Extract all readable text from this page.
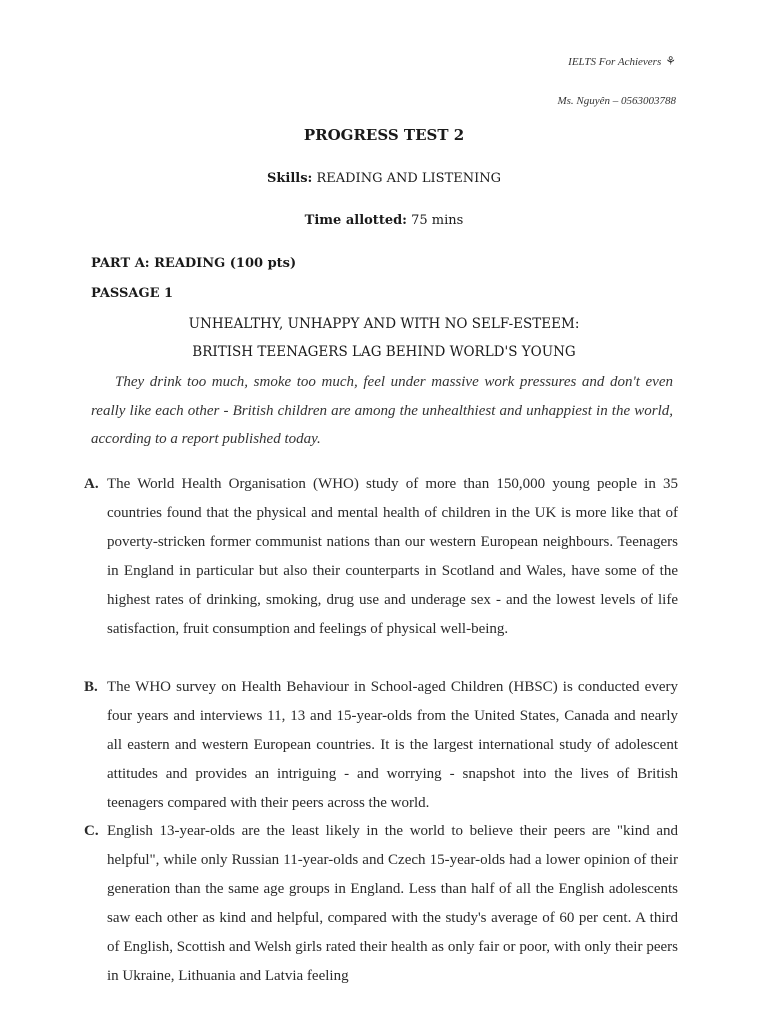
IELTS For Achievers ⚘
Ms. Nguyên – 0563003788
PROGRESS TEST 2
Skills: READING AND LISTENING
Time allotted: 75 mins
PART A: READING (100 pts)
PASSAGE 1
UNHEALTHY, UNHAPPY AND WITH NO SELF-ESTEEM:
BRITISH TEENAGERS LAG BEHIND WORLD'S YOUNG
They drink too much, smoke too much, feel under massive work pressures and don't even really like each other - British children are among the unhealthiest and unhappiest in the world, according to a report published today.
A. The World Health Organisation (WHO) study of more than 150,000 young people in 35 countries found that the physical and mental health of children in the UK is more like that of poverty-stricken former communist nations than our western European neighbours. Teenagers in England in particular but also their counterparts in Scotland and Wales, have some of the highest rates of drinking, smoking, drug use and underage sex - and the lowest levels of life satisfaction, fruit consumption and feelings of physical well-being.
B. The WHO survey on Health Behaviour in School-aged Children (HBSC) is conducted every four years and interviews 11, 13 and 15-year-olds from the United States, Canada and nearly all eastern and western European countries. It is the largest international study of adolescent attitudes and provides an intriguing - and worrying - snapshot into the lives of British teenagers compared with their peers across the world.
C. English 13-year-olds are the least likely in the world to believe their peers are "kind and helpful", while only Russian 11-year-olds and Czech 15-year-olds had a lower opinion of their generation than the same age groups in England. Less than half of all the English adolescents saw each other as kind and helpful, compared with the study's average of 60 per cent. A third of English, Scottish and Welsh girls rated their health as only fair or poor, with only their peers in Ukraine, Lithuania and Latvia feeling
